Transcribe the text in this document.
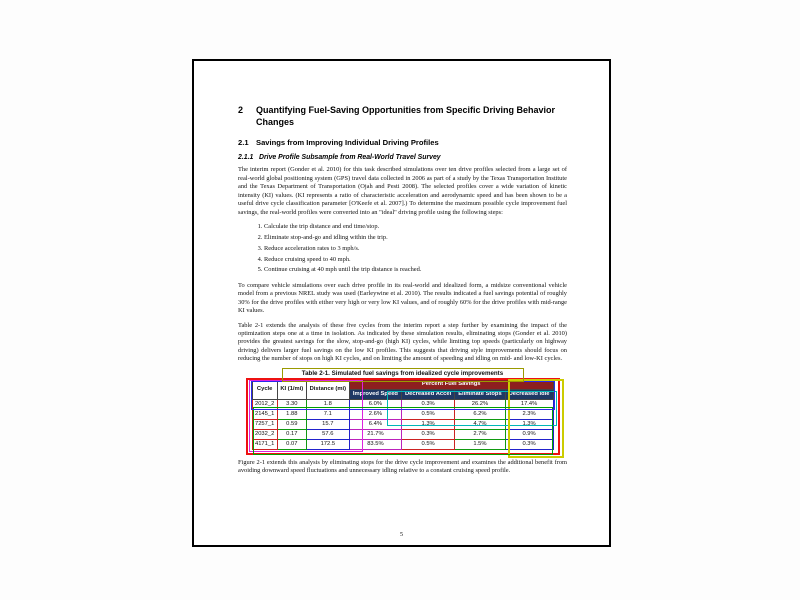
2	Quantifying Fuel-Saving Opportunities from Specific Driving Behavior Changes
2.1 Savings from Improving Individual Driving Profiles
2.1.1 Drive Profile Subsample from Real-World Travel Survey

The interim report (Gonder et al. 2010) for this task described simulations over ten drive profiles selected from a large set of real-world global positioning system (GPS) travel data collected in 2006 as part of a study by the Texas Transportation Institute and the Texas Department of Transportation (Ojah and Pesti 2008). The selected profiles cover a wide variation of kinetic intensity (KI) values. (KI represents a ratio of characteristic acceleration and aerodynamic speed and has been shown to be a useful drive cycle classification parameter [O'Keefe et al. 2007].) To determine the maximum possible cycle improvement fuel savings, the real-world profiles were converted into an "ideal" driving profile using the following steps:

1. Calculate the trip distance and end time/stop.
2. Eliminate stop-and-go and idling within the trip.
3. Reduce acceleration rates to 3 mph/s.
4. Reduce cruising speed to 40 mph.
5. Continue cruising at 40 mph until the trip distance is reached.

To compare vehicle simulations over each drive profile in its real-world and idealized form, a midsize conventional vehicle model from a previous NREL study was used (Earleywine et al. 2010). The results indicated a fuel savings potential of roughly 30% for the drive profiles with either very high or very low KI values, and of roughly 60% for the drive profiles with mid-range KI values.

Table 2-1 extends the analysis of these five cycles from the interim report a step further by examining the impact of the optimization steps one at a time in isolation. As indicated by these simulation results, eliminating stops (Gonder et al. 2010) provides the greatest savings for the slow, stop-and-go (high KI) cycles, while limiting top speeds (particularly on highway driving) delivers larger fuel savings on the low KI profiles. This suggests that driving style improvements should focus on reducing the number of stops on high KI cycles, and on limiting the amount of speeding and idling on mid- and low-KI cycles.

Table 2-1. Simulated fuel savings from idealized cycle improvements
Cycle	KI (1/mi)	Distance (mi)	Percent Fuel Savings			
			Improved Speed	Decreased Accel	Eliminate Stops	Decreased Idle
2012_2	3.30	1.8	6.0%	0.3%	26.2%	17.4%
2145_1	1.88	7.1	2.6%	0.5%	6.2%	2.3%
7257_1	0.59	15.7	6.4%	1.3%	4.7%	1.3%
2032_2	0.17	57.6	21.7%	0.3%	2.7%	0.9%
4171_1	0.07	172.5	83.5%	0.5%	1.5%	0.3%

Figure 2-1 extends this analysis by eliminating stops for the drive cycle improvement and examines the additional benefit from avoiding downward speed fluctuations and unnecessary idling relative to a constant cruising speed profile.

5
